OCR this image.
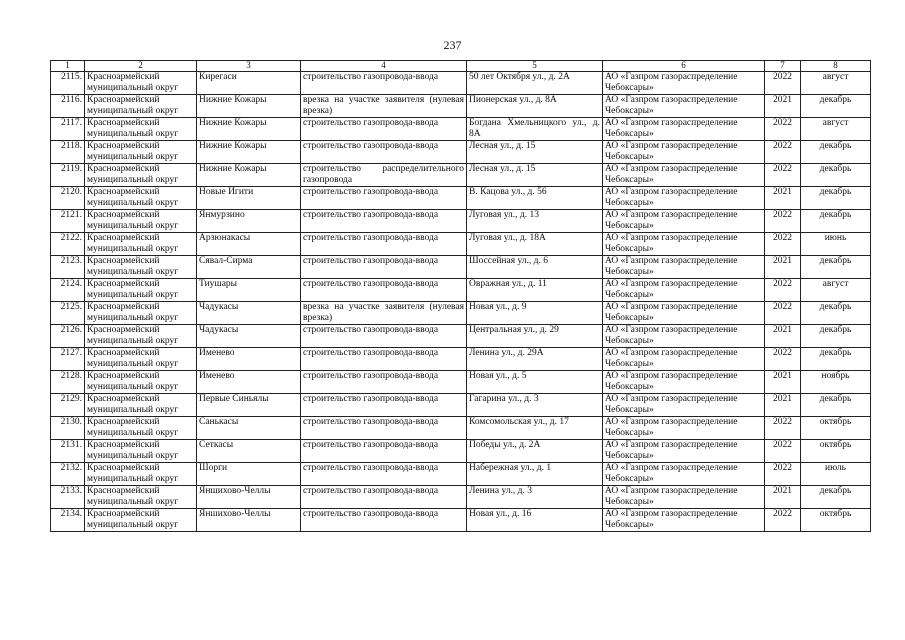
237
1	2	3	4	5	6	7	8
2115.	Красноармейский муниципальный округ	Кирегаси	строительство газопровода-ввода	50 лет Октября ул., д. 2А	АО «Газпром газораспределение Чебоксары»	2022	август
2116.	Красноармейский муниципальный округ	Нижние Кожары	врезка на участке заявителя (нулевая врезка)	Пионерская ул., д. 8А	АО «Газпром газораспределение Чебоксары»	2021	декабрь
2117.	Красноармейский муниципальный округ	Нижние Кожары	строительство газопровода-ввода	Богдана Хмельницкого ул., д. 8А	АО «Газпром газораспределение Чебоксары»	2022	август
2118.	Красноармейский муниципальный округ	Нижние Кожары	строительство газопровода-ввода	Лесная ул., д. 15	АО «Газпром газораспределение Чебоксары»	2022	декабрь
2119.	Красноармейский муниципальный округ	Нижние Кожары	строительство распределительного газопровода	Лесная ул., д. 15	АО «Газпром газораспределение Чебоксары»	2022	декабрь
2120.	Красноармейский муниципальный округ	Новые Игити	строительство газопровода-ввода	В. Кацова ул., д. 56	АО «Газпром газораспределение Чебоксары»	2021	декабрь
2121.	Красноармейский муниципальный округ	Янмурзино	строительство газопровода-ввода	Луговая ул., д. 13	АО «Газпром газораспределение Чебоксары»	2022	декабрь
2122.	Красноармейский муниципальный округ	Арзюнакасы	строительство газопровода-ввода	Луговая ул., д. 18А	АО «Газпром газораспределение Чебоксары»	2022	июнь
2123.	Красноармейский муниципальный округ	Сявал-Сирма	строительство газопровода-ввода	Шоссейная ул., д. 6	АО «Газпром газораспределение Чебоксары»	2021	декабрь
2124.	Красноармейский муниципальный округ	Тиушары	строительство газопровода-ввода	Овражная ул., д. 11	АО «Газпром газораспределение Чебоксары»	2022	август
2125.	Красноармейский муниципальный округ	Чадукасы	врезка на участке заявителя (нулевая врезка)	Новая ул., д. 9	АО «Газпром газораспределение Чебоксары»	2022	декабрь
2126.	Красноармейский муниципальный округ	Чадукасы	строительство газопровода-ввода	Центральная ул., д. 29	АО «Газпром газораспределение Чебоксары»	2021	декабрь
2127.	Красноармейский муниципальный округ	Именево	строительство газопровода-ввода	Ленина ул., д. 29А	АО «Газпром газораспределение Чебоксары»	2022	декабрь
2128.	Красноармейский муниципальный округ	Именево	строительство газопровода-ввода	Новая ул., д. 5	АО «Газпром газораспределение Чебоксары»	2021	ноябрь
2129.	Красноармейский муниципальный округ	Первые Синьялы	строительство газопровода-ввода	Гагарина ул., д. 3	АО «Газпром газораспределение Чебоксары»	2021	декабрь
2130.	Красноармейский муниципальный округ	Санькасы	строительство газопровода-ввода	Комсомольская ул., д. 17	АО «Газпром газораспределение Чебоксары»	2022	октябрь
2131.	Красноармейский муниципальный округ	Сеткасы	строительство газопровода-ввода	Победы ул., д. 2А	АО «Газпром газораспределение Чебоксары»	2022	октябрь
2132.	Красноармейский муниципальный округ	Шорги	строительство газопровода-ввода	Набережная ул., д. 1	АО «Газпром газораспределение Чебоксары»	2022	июль
2133.	Красноармейский муниципальный округ	Яншихово-Челлы	строительство газопровода-ввода	Ленина ул., д. 3	АО «Газпром газораспределение Чебоксары»	2021	декабрь
2134.	Красноармейский муниципальный округ	Яншихово-Челлы	строительство газопровода-ввода	Новая ул., д. 16	АО «Газпром газораспределение Чебоксары»	2022	октябрь
